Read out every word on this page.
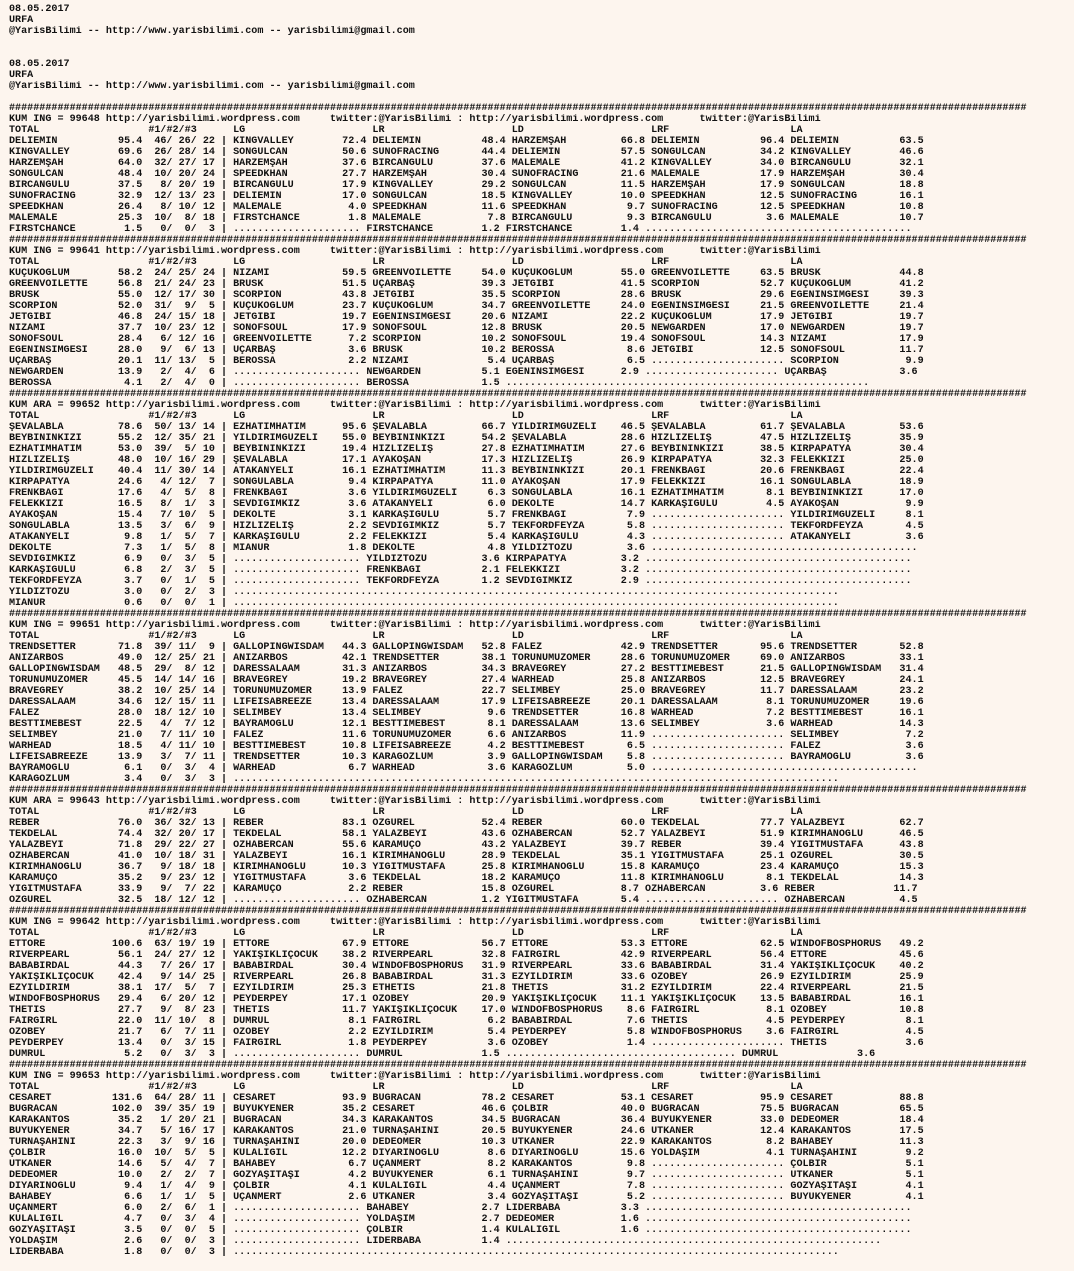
08.05.2017
URFA
@YarisBilimi -- http://www.yarisbilimi.com -- yarisbilimi@gmail.com

08.05.2017
URFA
@YarisBilimi -- http://www.yarisbilimi.com -- yarisbilimi@gmail.com

########################################################################################################################################################################
KUM ING = 99648 http://yarisbilimi.wordpress.com     twitter:@YarisBilimi : http://yarisbilimi.wordpress.com      twitter:@YarisBilimi
TOTAL                  #1/#2/#3      LG                     LR                     LD                     LRF                    LA
DELİEMİN          95.4  46/ 26/ 22 | KINGVALLEY        72.4 DELİEMİN          48.4 HARZEMŞAH         66.8 DELİEMİN          96.4 DELİEMİN          63.5
KINGVALLEY        69.6  26/ 28/ 14 | SONGULCAN         50.6 SUNOFRACING       44.4 DELİEMİN          57.5 SONGULCAN         34.2 KINGVALLEY        46.6
HARZEMŞAH         64.0  32/ 27/ 17 | HARZEMŞAH         37.6 BİRCANGULÜ        37.6 MALEMALE          41.2 KINGVALLEY        34.0 BİRCANGULÜ        32.1
SONGULCAN         48.4  10/ 20/ 24 | SPEEDKHAN         27.7 HARZEMŞAH         30.4 SUNOFRACING       21.6 MALEMALE          17.9 HARZEMŞAH         30.4
BİRCANGULÜ        37.5   8/ 20/ 19 | BİRCANGULÜ        17.9 KINGVALLEY        29.2 SONGULCAN         11.5 HARZEMŞAH         17.9 SONGULCAN         18.8
SUNOFRACING       32.9  12/ 13/ 23 | DELİEMİN          17.0 SONGULCAN         18.5 KINGVALLEY        10.0 SPEEDKHAN         12.5 SUNOFRACING       16.1
SPEEDKHAN         26.4   8/ 10/ 12 | MALEMALE           4.0 SPEEDKHAN         11.6 SPEEDKHAN          9.7 SUNOFRACING       12.5 SPEEDKHAN         10.8
MALEMALE          25.3  10/  8/ 18 | FIRSTCHANCE        1.8 MALEMALE           7.8 BİRCANGULÜ         9.3 BİRCANGULÜ         3.6 MALEMALE          10.7
FIRSTCHANCE        1.5   0/  0/  3 | ..................... FIRSTCHANCE        1.2 FIRSTCHANCE        1.4 ............................................
########################################################################################################################################################################
KUM ING = 99641 http://yarisbilimi.wordpress.com     twitter:@YarisBilimi : http://yarisbilimi.wordpress.com      twitter:@YarisBilimi
TOTAL                  #1/#2/#3      LG                     LR                     LD                     LRF                    LA
KUÇUKOĞLUM        58.2  24/ 25/ 24 | NİZAMİ            59.5 GREENVOILETTE     54.0 KUÇUKOĞLUM        55.0 GREENVOILETTE     63.5 BRUSK             44.8
GREENVOILETTE     56.8  21/ 24/ 23 | BRUSK             51.5 UÇARBAŞ           39.3 JETGİBİ           41.5 SCORPION          52.7 KUÇUKOĞLUM        41.2
BRUSK             55.0  12/ 17/ 30 | SCORPION          43.8 JETGİBİ           35.5 SCORPION          28.6 BRUSK             29.6 EGENİNSİMGESİ     39.3
SCORPION          52.0  31/  9/  5 | KUÇUKOĞLUM        23.7 KUÇUKOĞLUM        34.7 GREENVOILETTE     24.0 EGENİNSİMGESİ     21.5 GREENVOILETTE     21.4
JETGİBİ           46.8  24/ 15/ 18 | JETGİBİ           19.7 EGENİNSİMGESİ     20.6 NİZAMİ            22.2 KUÇUKOĞLUM        17.9 JETGİBİ           19.7
NİZAMİ            37.7  10/ 23/ 12 | SONOFSOUL         17.9 SONOFSOUL         12.8 BRUSK             20.5 NEWGARDEN         17.0 NEWGARDEN         19.7
SONOFSOUL         28.4   6/ 12/ 16 | GREENVOILETTE      7.2 SCORPION          10.2 SONOFSOUL         19.4 SONOFSOUL         14.3 NİZAMİ            17.9
EGENİNSİMGESİ     28.0   9/  6/ 13 | UÇARBAŞ            3.6 BRUSK             10.2 BEROSSA            8.6 JETGİBİ           12.5 SONOFSOUL         11.7
UÇARBAŞ           20.1  11/ 13/  5 | BEROSSA            2.2 NİZAMİ             5.4 UÇARBAŞ            6.5 ...................... SCORPION           9.9
NEWGARDEN         13.9   2/  4/  6 | ..................... NEWGARDEN          5.1 EGENİNSİMGESİ      2.9 ...................... UÇARBAŞ            3.6
BEROSSA            4.1   2/  4/  0 | ..................... BEROSSA            1.5 ............................................................
########################################################################################################################################################################
KUM ARA = 99652 http://yarisbilimi.wordpress.com     twitter:@YarisBilimi : http://yarisbilimi.wordpress.com      twitter:@YarisBilimi
TOTAL                  #1/#2/#3      LG                     LR                     LD                     LRF                    LA
ŞEVALABLA         78.6  50/ 13/ 14 | EZHATIMHATIM      95.6 ŞEVALABLA         66.7 YILDIRIMGÜZELİ    46.5 ŞEVALABLA         61.7 ŞEVALABLA         53.6
BEYBİNİNKIZI      55.2  12/ 35/ 21 | YILDIRIMGÜZELİ    55.0 BEYBİNİNKIZI      54.2 ŞEVALABLA         28.6 HIZLIZELİŞ        47.5 HIZLIZELİŞ        35.9
EZHATIMHATIM      53.0  39/  5/ 10 | BEYBİNİNKIZI      19.4 HIZLIZELİŞ        27.8 EZHATIMHATIM      27.6 BEYBİNİNKIZI      38.5 KIRPAPATYA        30.4
HIZLIZELİŞ        48.0  10/ 16/ 29 | ŞEVALABLA         17.1 AYAKOŞAN          17.3 HIZLIZELİŞ        26.9 KIRPAPATYA        32.3 FELEKKIZI         25.0
YILDIRIMGÜZELİ    40.4  11/ 30/ 14 | ATAKANYELİ        16.1 EZHATIMHATIM      11.3 BEYBİNİNKIZI      20.1 FRENKBAĞI         20.6 FRENKBAĞI         22.4
KIRPAPATYA        24.6   4/ 12/  7 | SONGULABLA         9.4 KIRPAPATYA        11.0 AYAKOŞAN          17.9 FELEKKIZI         16.1 SONGULABLA        18.9
FRENKBAĞI         17.6   4/  5/  8 | FRENKBAĞI          3.6 YILDIRIMGÜZELİ     6.3 SONGULABLA        16.1 EZHATIMHATIM       8.1 BEYBİNİNKIZI      17.0
FELEKKIZI         16.5   8/  1/  3 | SEVDİĞİMKIZ        3.6 ATAKANYELİ         6.0 DEKOLTE           14.7 KARKAŞIGÜLÜ        4.5 AYAKOŞAN           9.9
AYAKOŞAN          15.4   7/ 10/  5 | DEKOLTE            3.1 KARKAŞIGÜLÜ        5.7 FRENKBAĞI          7.9 ...................... YILDIRIMGÜZELİ     8.1
SONGULABLA        13.5   3/  6/  9 | HIZLIZELİŞ         2.2 SEVDİĞİMKIZ        5.7 TEKFORDFEYZA       5.8 ...................... TEKFORDFEYZA       4.5
ATAKANYELİ         9.8   1/  5/  7 | KARKAŞIGÜLÜ        2.2 FELEKKIZI          5.4 KARKAŞIGÜLÜ        4.3 ...................... ATAKANYELİ         3.6
DEKOLTE            7.3   1/  5/  8 | MIANUR             1.8 DEKOLTE            4.8 YILDIZTOZU         3.6 ............................................
SEVDİĞİMKIZ        6.9   0/  3/  5 | ..................... YILDIZTOZU         3.6 KIRPAPATYA         3.2 ............................................
KARKAŞIGÜLÜ        6.8   2/  3/  5 | ..................... FRENKBAĞI          2.1 FELEKKIZI          3.2 ............................................
TEKFORDFEYZA       3.7   0/  1/  5 | ..................... TEKFORDFEYZA       1.2 SEVDİĞİMKIZ        2.9 ............................................
YILDIZTOZU         3.0   0/  2/  3 | ....................................................................................................
MIANUR             0.6   0/  0/  1 | ....................................................................................................
########################################################################################################################################################################
KUM ING = 99651 http://yarisbilimi.wordpress.com     twitter:@YarisBilimi : http://yarisbilimi.wordpress.com      twitter:@YarisBilimi
TOTAL                  #1/#2/#3      LG                     LR                     LD                     LRF                    LA
TRENDSETTER       71.8  39/ 11/  9 | GALLOPINGWISDAM   44.3 GALLOPINGWISDAM   52.8 FALEZ             42.9 TRENDSETTER       95.6 TRENDSETTER       52.8
ANIZARBOS         49.0  12/ 25/ 21 | ANIZARBOS         42.1 TRENDSETTER       38.1 TORUNUMUZÖMER     28.6 TORUNUMUZÖMER     69.0 ANIZARBOS         33.1
GALLOPINGWISDAM   48.5  29/  8/ 12 | DARESSALAAM       31.3 ANIZARBOS         34.3 BRAVEGREY         27.2 BESTTIMEBEST      21.5 GALLOPINGWISDAM   31.4
TORUNUMUZÖMER     45.5  14/ 14/ 16 | BRAVEGREY         19.2 BRAVEGREY         27.4 WARHEAD           25.8 ANIZARBOS         12.5 BRAVEGREY         24.1
BRAVEGREY         38.2  10/ 25/ 14 | TORUNUMUZÖMER     13.9 FALEZ             22.7 SELİMBEY          25.0 BRAVEGREY         11.7 DARESSALAAM       23.2
DARESSALAAM       34.6  12/ 15/ 11 | LIFEISABREEZE     13.4 DARESSALAAM       17.9 LIFEISABREEZE     20.1 DARESSALAAM        8.1 TORUNUMUZÖMER     19.6
FALEZ             28.0  18/ 12/ 10 | SELİMBEY          13.4 SELİMBEY           9.6 TRENDSETTER       16.8 WARHEAD            7.2 BESTTIMEBEST      16.1
BESTTIMEBEST      22.5   4/  7/ 12 | BAYRAMOĞLU        12.1 BESTTIMEBEST       8.1 DARESSALAAM       13.6 SELİMBEY           3.6 WARHEAD           14.3
SELİMBEY          21.0   7/ 11/ 10 | FALEZ             11.6 TORUNUMUZÖMER      6.6 ANIZARBOS         11.9 ...................... SELİMBEY           7.2
WARHEAD           18.5   4/ 11/ 10 | BESTTIMEBEST      10.8 LIFEISABREEZE      4.2 BESTTIMEBEST       6.5 ...................... FALEZ              3.6
LIFEISABREEZE     13.9   3/  7/ 11 | TRENDSETTER       10.3 KARAGÖZLÜM         3.9 GALLOPINGWISDAM    5.8 ...................... BAYRAMOĞLU         3.6
BAYRAMOĞLU         6.1   0/  3/  4 | WARHEAD            6.7 WARHEAD            3.6 KARAGÖZLÜM         5.0 ............................................
KARAGÖZLÜM         3.4   0/  3/  3 | ....................................................................................................
########################################################################################################################################################################
KUM ARA = 99643 http://yarisbilimi.wordpress.com     twitter:@YarisBilimi : http://yarisbilimi.wordpress.com      twitter:@YarisBilimi
TOTAL                  #1/#2/#3      LG                     LR                     LD                     LRF                    LA
REBER             76.0  36/ 32/ 13 | REBER             83.1 ÖZGÜREL           52.4 REBER             60.0 TEKDELAL          77.7 YALAZBEYİ         62.7
TEKDELAL          74.4  32/ 20/ 17 | TEKDELAL          58.1 YALAZBEYİ         43.6 ÖZHABERCAN        52.7 YALAZBEYİ         51.9 KIRIMHANOĞLU      46.5
YALAZBEYİ         71.8  29/ 22/ 27 | ÖZHABERCAN        55.6 KARAMUÇO          43.2 YALAZBEYİ         39.7 REBER             39.4 YİĞİTMUSTAFA      43.8
ÖZHABERCAN        41.0  10/ 18/ 31 | YALAZBEYİ         16.1 KIRIMHANOĞLU      28.9 TEKDELAL          35.1 YİĞİTMUSTAFA      25.1 ÖZGÜREL           30.5
KIRIMHANOĞLU      36.7   9/ 18/ 18 | KIRIMHANOĞLU      10.3 YİĞİTMUSTAFA      25.8 KIRIMHANOĞLU      15.8 KARAMUÇO          23.4 KARAMUÇO          15.3
KARAMUÇO          35.2   9/ 23/ 12 | YİĞİTMUSTAFA       3.6 TEKDELAL          18.2 KARAMUÇO          11.8 KIRIMHANOĞLU       8.1 TEKDELAL          14.3
YİĞİTMUSTAFA      33.9   9/  7/ 22 | KARAMUÇO           2.2 REBER             15.8 ÖZGÜREL           8.7 ÖZHABERCAN         3.6 REBER             11.7
ÖZGÜREL           32.5  18/ 12/ 12 | ..................... ÖZHABERCAN         1.2 YİĞİTMUSTAFA       5.4 ...................... ÖZHABERCAN         4.5
########################################################################################################################################################################
KUM ING = 99642 http://yarisbilimi.wordpress.com     twitter:@YarisBilimi : http://yarisbilimi.wordpress.com      twitter:@YarisBilimi
TOTAL                  #1/#2/#3      LG                     LR                     LD                     LRF                    LA
ETTORE           100.6  63/ 19/ 19 | ETTORE            67.9 ETTORE            56.7 ETTORE            53.3 ETTORE            62.5 WINDOFBOSPHORUS   49.2
RIVERPEARL        56.1  24/ 27/ 12 | YAKIŞIKLIÇOCUK    38.2 RIVERPEARL        32.8 FAIRGIRL          42.9 RIVERPEARL        56.4 ETTORE            45.6
BABABİRDAL        44.3   7/ 26/ 17 | BABABİRDAL        30.4 WINDOFBOSPHORUS   31.9 RIVERPEARL        33.6 BABABİRDAL        31.4 YAKIŞIKLIÇOCUK    40.2
YAKIŞIKLIÇOCUK    42.4   9/ 14/ 25 | RIVERPEARL        26.8 BABABİRDAL        31.3 EZYILDIRIM        33.6 ÖZOBEY            26.9 EZYILDIRIM        25.9
EZYILDIRIM        38.1  17/  5/  7 | EZYILDIRIM        25.3 ETHETIS           21.8 THETIS            31.2 EZYILDIRIM        22.4 RIVERPEARL        21.5
WINDOFBOSPHORUS   29.4   6/ 20/ 12 | PEYDERPEY         17.1 ÖZOBEY            20.9 YAKIŞIKLIÇOCUK    11.1 YAKIŞIKLIÇOCUK    13.5 BABABİRDAL        16.1
THETIS            27.7   9/  8/ 23 | THETIS            11.7 YAKIŞIKLIÇOCUK    17.0 WINDOFBOSPHORUS    8.6 FAIRGIRL           8.1 ÖZOBEY            10.8
FAIRGIRL          22.0  11/ 10/  8 | DUMRUL             8.1 FAIRGIRL           6.2 BABABİRDAL         7.6 THETIS             4.5 PEYDERPEY          8.1
ÖZOBEY            21.7   6/  7/ 11 | ÖZOBEY             2.2 EZYILDIRIM         5.4 PEYDERPEY          5.8 WINDOFBOSPHORUS    3.6 FAIRGIRL           4.5
PEYDERPEY         13.4   0/  3/ 15 | FAIRGIRL           1.8 PEYDERPEY          3.6 ÖZOBEY             1.4 ...................... THETIS             3.6
DUMRUL             5.2   0/  3/  3 | ..................... DUMRUL             1.5 ...................................... DUMRUL             3.6
########################################################################################################################################################################
KUM ING = 99653 http://yarisbilimi.wordpress.com     twitter:@YarisBilimi : http://yarisbilimi.wordpress.com      twitter:@YarisBilimi
TOTAL                  #1/#2/#3      LG                     LR                     LD                     LRF                    LA
CESARET          131.6  64/ 28/ 11 | CESARET           93.9 BUĞRACAN          78.2 CESARET           53.1 CESARET           95.9 CESARET           88.8
BUĞRACAN         102.0  39/ 35/ 19 | BUYUKYENER        35.2 CESARET           46.6 ÇOLBİR            40.0 BUĞRACAN          75.5 BUĞRACAN          65.5
KARAKANTOS        35.2   1/ 20/ 21 | BUĞRACAN          34.3 KARAKANTOS        34.5 BUĞRACAN          36.4 BUYUKYENER        33.0 DEDEÖMER          18.4
BUYUKYENER        34.7   5/ 16/ 17 | KARAKANTOS        21.0 TURNAŞAHİNİ       20.5 BUYUKYENER        24.6 UTKANER           12.4 KARAKANTOS        17.5
TURNAŞAHİNİ       22.3   3/  9/ 16 | TURNAŞAHİNİ       20.0 DEDEÖMER          10.3 UTKANER           22.9 KARAKANTOS         8.2 BAHABEY           11.3
ÇOLBİR            16.0  10/  5/  5 | KULALIGİL         12.2 DİYARİNOĞLU        8.6 DİYARİNOĞLU       15.6 YOLDAŞIM           4.1 TURNAŞAHİNİ        9.2
UTKANER           14.6   5/  4/  7 | BAHABEY            6.7 UÇANMERT           8.2 KARAKANTOS         9.8 ...................... ÇOLBİR             5.1
DEDEÖMER          10.0   2/  2/  7 | GÖZYAŞITAŞI        4.2 BUYUKYENER         6.1 TURNAŞAHİNİ        9.7 ...................... UTKANER            5.1
DİYARİNOĞLU        9.4   1/  4/  9 | ÇOLBİR             4.1 KULALIGİL          4.4 UÇANMERT           7.8 ...................... GÖZYAŞITAŞI        4.1
BAHABEY            6.6   1/  1/  5 | UÇANMERT           2.6 UTKANER            3.4 GÖZYAŞITAŞI        5.2 ...................... BUYUKYENER         4.1
UÇANMERT           6.0   2/  6/  1 | ..................... BAHABEY            2.7 LİDERBABA          3.3 ............................................
KULALIGİL          4.7   0/  3/  4 | ..................... YOLDAŞIM           2.7 DEDEÖMER           1.6 ............................................
GÖZYAŞITAŞI        3.5   0/  0/  5 | ..................... ÇOLBİR             1.4 KULALIGİL          1.6 ............................................
YOLDAŞIM           2.6   0/  0/  3 | ..................... LİDERBABA          1.4 ..............................................................
LİDERBABA          1.8   0/  0/  3 | ....................................................................................................
